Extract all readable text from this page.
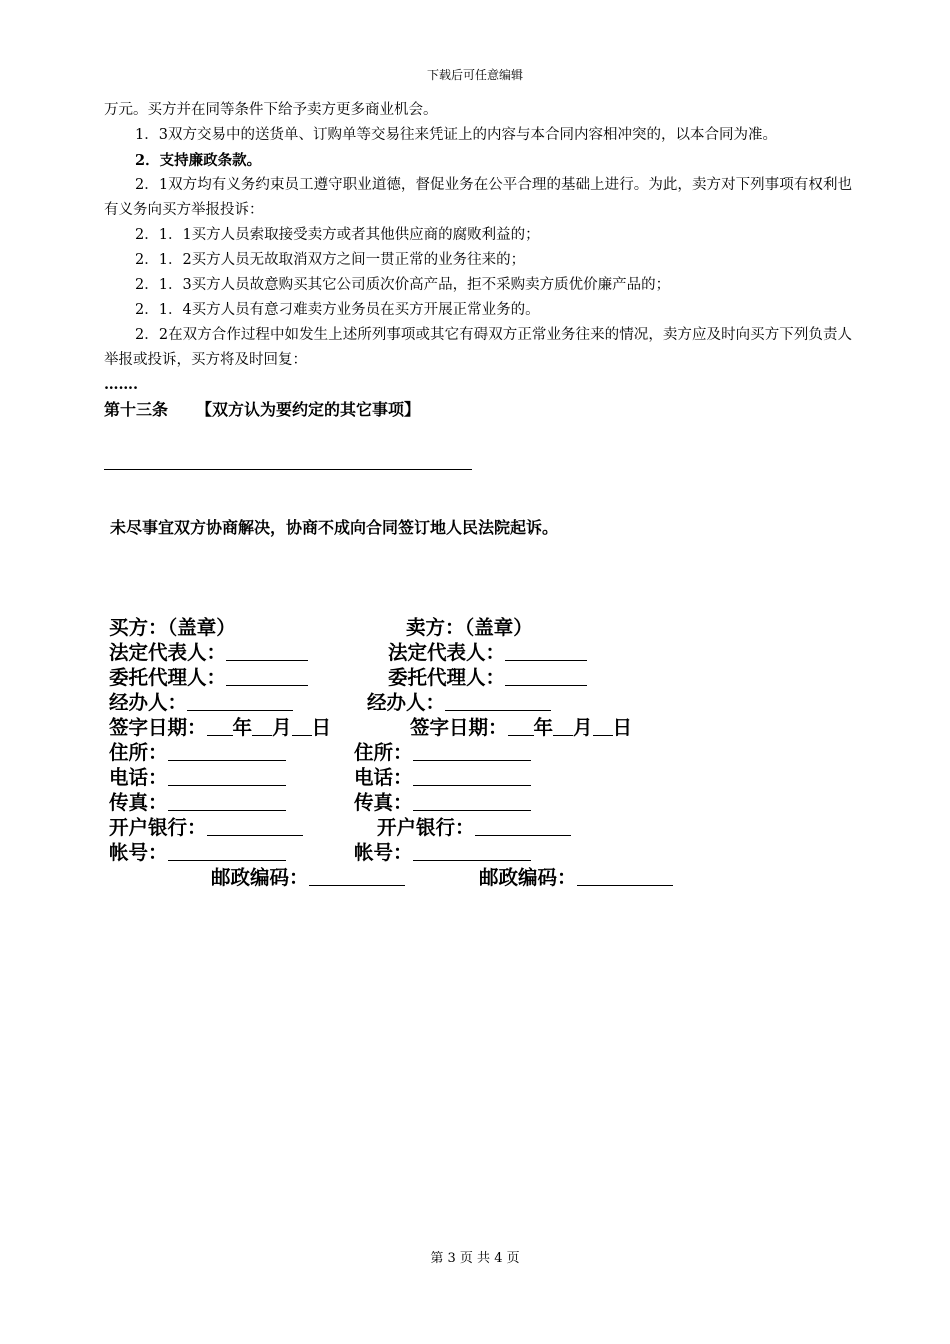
下载后可任意编辑

万元。买方并在同等条件下给予卖方更多商业机会。

1．3双方交易中的送货单、订购单等交易往来凭证上的内容与本合同内容相冲突的，以本合同为准。

2．支持廉政条款。

2．1双方均有义务约束员工遵守职业道德，督促业务在公平合理的基础上进行。为此，卖方对下列事项有权利也有义务向买方举报投诉：

2．1．1买方人员索取接受卖方或者其他供应商的腐败利益的；

2．1．2买方人员无故取消双方之间一贯正常的业务往来的；

2．1．3买方人员故意购买其它公司质次价高产品，拒不采购卖方质优价廉产品的；

2．1．4买方人员有意刁难卖方业务员在买方开展正常业务的。

2．2在双方合作过程中如发生上述所列事项或其它有碍双方正常业务往来的情况，卖方应及时向买方下列负责人举报或投诉，买方将及时回复：

…….

第十三条 【双方认为要约定的其它事项】

未尽事宜双方协商解决，协商不成向合同签订地人民法院起诉。
买方：（盖章）	卖方：（盖章）
法定代表人：	法定代表人：
委托代理人：	委托代理人：
经办人：	经办人：
签字日期： 年 月 日	签字日期： 年 月 日
住所：	住所：
电话：	电话：
传真：	传真：
开户银行：	开户银行：
帐号：	帐号：
邮政编码：	邮政编码：
第 3 页 共 4 页
